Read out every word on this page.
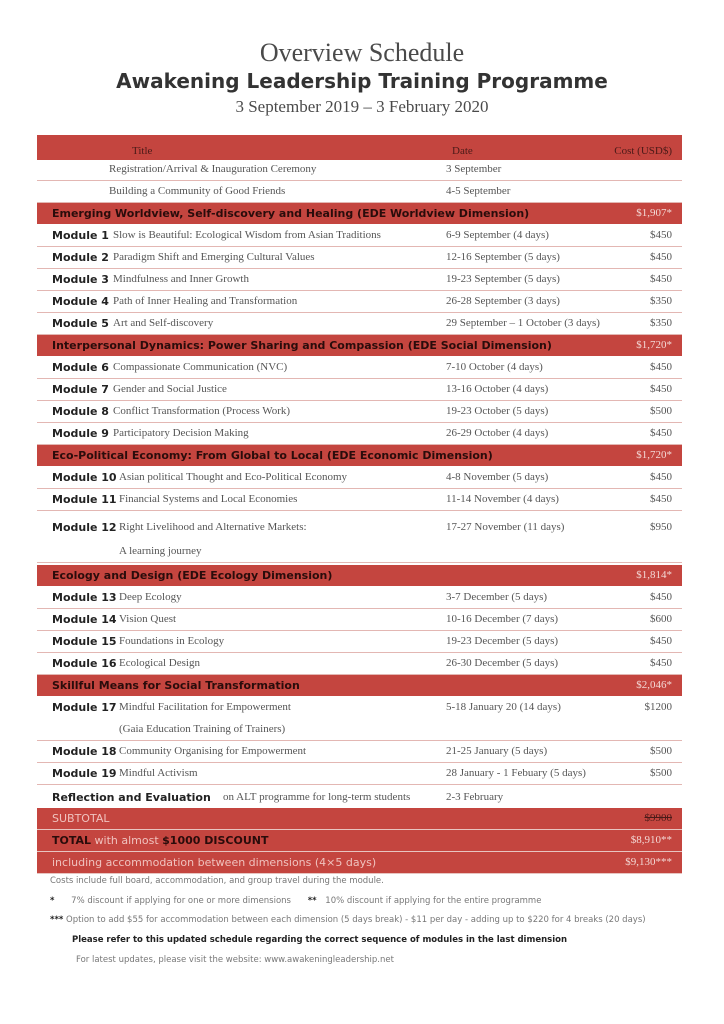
Overview Schedule
Awakening Leadership Training Programme
3 September 2019 – 3 February 2020
Title	Date	Cost (USD$)
Registration/Arrival & Inauguration Ceremony	3 September
Building a Community of Good Friends	4-5 September
Emerging Worldview, Self-discovery and Healing (EDE Worldview Dimension)	$1,907*
Module 1 Slow is Beautiful: Ecological Wisdom from Asian Traditions	6-9 September (4 days)	$450
Module 2 Paradigm Shift and Emerging Cultural Values	12-16 September (5 days)	$450
Module 3 Mindfulness and Inner Growth	19-23 September (5 days)	$450
Module 4 Path of Inner Healing and Transformation	26-28 September (3 days)	$350
Module 5 Art and Self-discovery	29 September – 1 October (3 days)	$350
Interpersonal Dynamics: Power Sharing and Compassion (EDE Social Dimension)	$1,720*
Module 6 Compassionate Communication (NVC)	7-10 October (4 days)	$450
Module 7 Gender and Social Justice	13-16 October (4 days)	$450
Module 8 Conflict Transformation (Process Work)	19-23 October (5 days)	$500
Module 9 Participatory Decision Making	26-29 October (4 days)	$450
Eco-Political Economy: From Global to Local (EDE Economic Dimension)	$1,720*
Module 10 Asian political Thought and Eco-Political Economy	4-8 November (5 days)	$450
Module 11 Financial Systems and Local Economies	11-14 November (4 days)	$450
Module 12 Right Livelihood and Alternative Markets:	17-27 November (11 days)	$950
A learning journey
Ecology and Design (EDE Ecology Dimension)	$1,814*
Module 13 Deep Ecology	3-7 December (5 days)	$450
Module 14 Vision Quest	10-16 December (7 days)	$600
Module 15 Foundations in Ecology	19-23 December (5 days)	$450
Module 16 Ecological Design	26-30 December (5 days)	$450
Skillful Means for Social Transformation	$2,046*
Module 17 Mindful Facilitation for Empowerment	5-18 January 20 (14 days)	$1200
(Gaia Education Training of Trainers)
Module 18 Community Organising for Empowerment	21-25 January (5 days)	$500
Module 19 Mindful Activism	28 January - 1 Febuary (5 days)	$500
Reflection and Evaluation on ALT programme for long-term students	2-3 February
SUBTOTAL	$9900
TOTAL with almost $1000 DISCOUNT	$8,910**
including accommodation between dimensions (4×5 days)	$9,130***
Costs include full board, accommodation, and group travel during the module.
* 7% discount if applying for one or more dimensions ** 10% discount if applying for the entire programme
*** Option to add $55 for accommodation between each dimension (5 days break) - $11 per day - adding up to $220 for 4 breaks (20 days)
Please refer to this updated schedule regarding the correct sequence of modules in the last dimension
For latest updates, please visit the website: www.awakeningleadership.net
